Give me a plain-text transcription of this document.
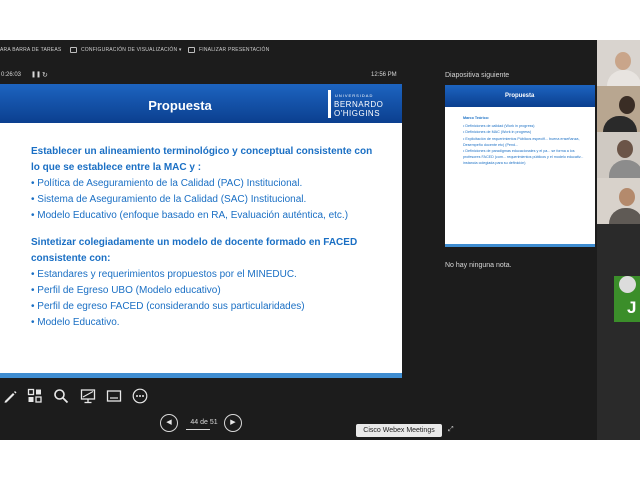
ARA BARRA DE TAREAS	CONFIGURACIÓN DE VISUALIZACIÓN ▾	FINALIZAR PRESENTACIÓN
0:26:03 ❚❚ ↻	12:56 PM
Propuesta
UNIVERSIDAD
BERNARDO
O'HIGGINS
Establecer un alineamiento terminológico y conceptual consistente con lo que se establece entre la MAC y :
• Política de Aseguramiento de la Calidad (PAC) Institucional.
• Sistema de Aseguramiento de la Calidad (SAC) Institucional.
• Modelo Educativo (enfoque basado en RA, Evaluación auténtica, etc.)
Sintetizar colegiadamente un modelo de docente formado en FACED consistente con:
• Estandares y requerimientos propuestos por el MINEDUC.
• Perfil de Egreso UBO (Modelo educativo)
• Perfil de egreso FACED (considerando sus particularidades)
• Modelo Educativo.
◀	44 de 51	▶
Cisco Webex Meetings	⤢
Diapositiva siguiente
Propuesta
Marco Teórico:
• Definiciones de calidad (Work in progress)
• Definiciones de MAC (Work in progress)
• Explicitación de requerimientos Públicos específi... buena enseñanza, Desempeño docente etc) (Pend...
• Definiciones de paradigmas educacionales y el pa... se forma a los profesores FACED (com... requerimientos públicos y el modelo educativ... instancia colegiada para su definición)
No hay ninguna nota.
J
